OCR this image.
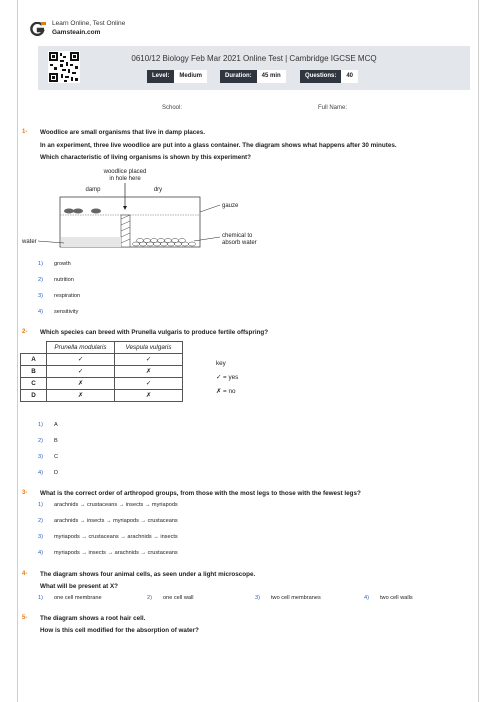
Learn Online, Test Online
Gamsteain.com
0610/12 Biology Feb Mar 2021 Online Test | Cambridge IGCSE MCQ
Level:	Medium	Duration:	45 min	Questions:	40
School:	Full Name:
1- Woodlice are small organisms that live in damp places.
In an experiment, three live woodlice are put into a glass container. The diagram shows what happens after 30 minutes.
Which characteristic of living organisms is shown by this experiment?
woodlice placed
in hole here
damp	dry
gauze
water
chemical to
absorb water
1) growth
2) nutrition
3) respiration
4) sensitivity
2- Which species can breed with Prunella vulgaris to produce fertile offspring?
	Prunella modularis	Vespula vulgaris
A	✓	✓
B	✓	✗
C	✗	✓
D	✗	✗
key
✓ = yes
✗ = no
1) A
2) B
3) C
4) D
3- What is the correct order of arthropod groups, from those with the most legs to those with the fewest legs?
1) arachnids → crustaceans → insects → myriapods
2) arachnids → insects → myriapods → crustaceans
3) myriapods → crustaceans → arachnids → insects
4) myriapods → insects → arachnids → crustaceans
4- The diagram shows four animal cells, as seen under a light microscope.
What will be present at X?
1) one cell membrane	2) one cell wall	3) two cell membranes	4) two cell walls
5- The diagram shows a root hair cell.
How is this cell modified for the absorption of water?
